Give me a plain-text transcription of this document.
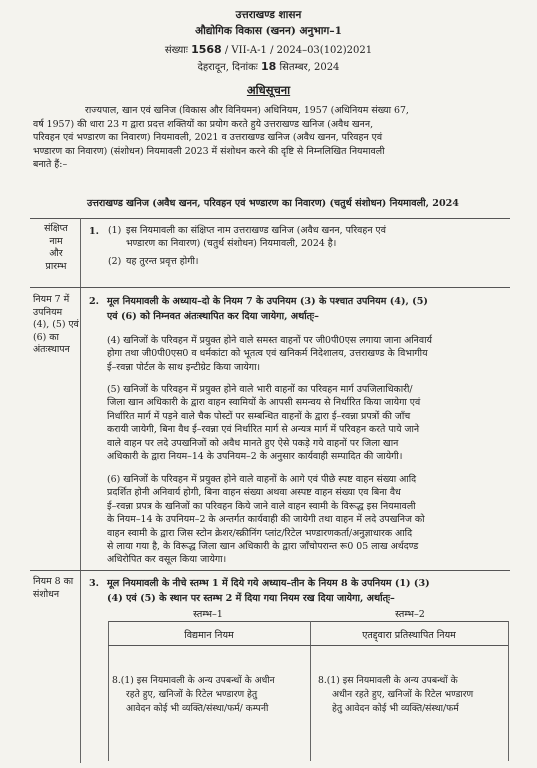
उत्तराखण्ड शासन
औद्योगिक विकास (खनन) अनुभाग–1
संख्याः 1568 / VII-A-1 / 2024–03(102)2021
देहरादून, दिनांकः 18 सितम्बर, 2024
अधिसूचना
राज्यपाल, खान एवं खनिज (विकास और विनियमन) अधिनियम, 1957 (अधिनियम संख्या 67,
वर्ष 1957) की धारा 23 ग द्वारा प्रदत्त शक्तियों का प्रयोग करते हुये उत्तराखण्ड खनिज (अवैध खनन,
परिवहन एवं भण्डारण का निवारण) नियमावली, 2021 व उत्तराखण्ड खनिज (अवैध खनन, परिवहन एवं
भण्डारण का निवारण) (संशोधन) नियमावली 2023 में संशोधन करने की दृष्टि से निम्नलिखित नियमावली
बनाते हैं:–
उत्तराखण्ड खनिज (अवैध खनन, परिवहन एवं भण्डारण का निवारण) (चतुर्थ संशोधन) नियमावली, 2024
संक्षिप्त
नाम
और
प्रारम्भ
1. (1) इस नियमावली का संक्षिप्त नाम उत्तराखण्ड खनिज (अवैध खनन, परिवहन एवं
भण्डारण का निवारण) (चतुर्थ संशोधन) नियमावली, 2024 है।
(2) यह तुरन्त प्रवृत्त होगी।
नियम 7 में
उपनियम
(4), (5) एवं
(6) का
अंतःस्थापन
2. मूल नियमावली के अध्याय–दो के नियम 7 के उपनियम (3) के पश्चात उपनियम (4), (5)
एवं (6) को निम्नवत अंतःस्थापित कर दिया जायेगा, अर्थात्ः–
(4) खनिजों के परिवहन में प्रयुक्त होने वाले समस्त वाहनों पर जी0पी0एस लगाया जाना अनिवार्य
होगा तथा जी0पी0एस0 व धर्मकांटा को भूतत्व एवं खनिकर्म निदेशालय, उत्तराखण्ड के विभागीय
ई–रवन्ना पोर्टल के साथ इन्टीग्रेट किया जायेगा।
(5) खनिजों के परिवहन में प्रयुक्त होने वाले भारी वाहनों का परिवहन मार्ग उपजिलाधिकारी/
जिला खान अधिकारी के द्वारा वाहन स्वामियों के आपसी समन्वय से निर्धारित किया जायेगा एवं
निर्धारित मार्ग में पड़ने वाले चैक पोस्टों पर सम्बन्धित वाहनों के द्वारा ई–रवन्ना प्रपत्रों की जाँच
करायी जायेगी, बिना वैध ई–रवन्ना एवं निर्धारित मार्ग से अन्यत्र मार्ग में परिवहन करते पाये जाने
वाले वाहन पर लदे उपखनिजों को अवैध मानते हुए ऐसे पकड़े गये वाहनों पर जिला खान
अधिकारी के द्वारा नियम–14 के उपनियम–2 के अनुसार कार्यवाही सम्पादित की जायेगी।
(6) खनिजों के परिवहन में प्रयुक्त होने वाले वाहनों के आगे एवं पीछे स्पष्ट वाहन संख्या आदि
प्रदर्शित होनी अनिवार्य होगी, बिना वाहन संख्या अथवा अस्पष्ट वाहन संख्या एव बिना वैध
ई–रवन्ना प्रपत्र के खनिजों का परिवहन किये जाने वाले वाहन स्वामी के विरूद्ध इस नियमावली
के नियम–14 के उपनियम–2 के अन्तर्गत कार्यवाही की जायेगी तथा वाहन में लदे उपखनिज को
वाहन स्वामी के द्वारा जिस स्टोन क्रेशर/स्क्रीनिंग प्लांट/रिटेल भण्डारणकर्ता/अनुज्ञाधारक आदि
से लाया गया है, के विरूद्ध जिला खान अधिकारी के द्वारा जाँचोपरान्त रू0 05 लाख अर्थदण्ड
अधिरोपित कर वसूल किया जायेगा।
नियम 8 का
संशोधन
3. मूल नियमावली के नीचे स्तम्भ 1 में दिये गये अध्याय–तीन के नियम 8 के उपनियम (1) (3)
(4) एवं (5) के स्थान पर स्तम्भ 2 में दिया गया नियम रख दिया जायेगा, अर्थात्ः–
स्तम्भ–1	स्तम्भ–2
विद्यमान नियम	एतद्द्वारा प्रतिस्थापित नियम
8.(1) इस नियमावली के अन्य उपबन्धों के अधीन
रहते हुए, खनिजों के रिटेल भण्डारण हेतु
आवेदन कोई भी व्यक्ति/संस्था/फर्म/ कम्पनी
8.(1) इस नियमावली के अन्य उपबन्धों के
अधीन रहते हुए, खनिजों के रिटेल भण्डारण
हेतु आवेदन कोई भी व्यक्ति/संस्था/फर्म
